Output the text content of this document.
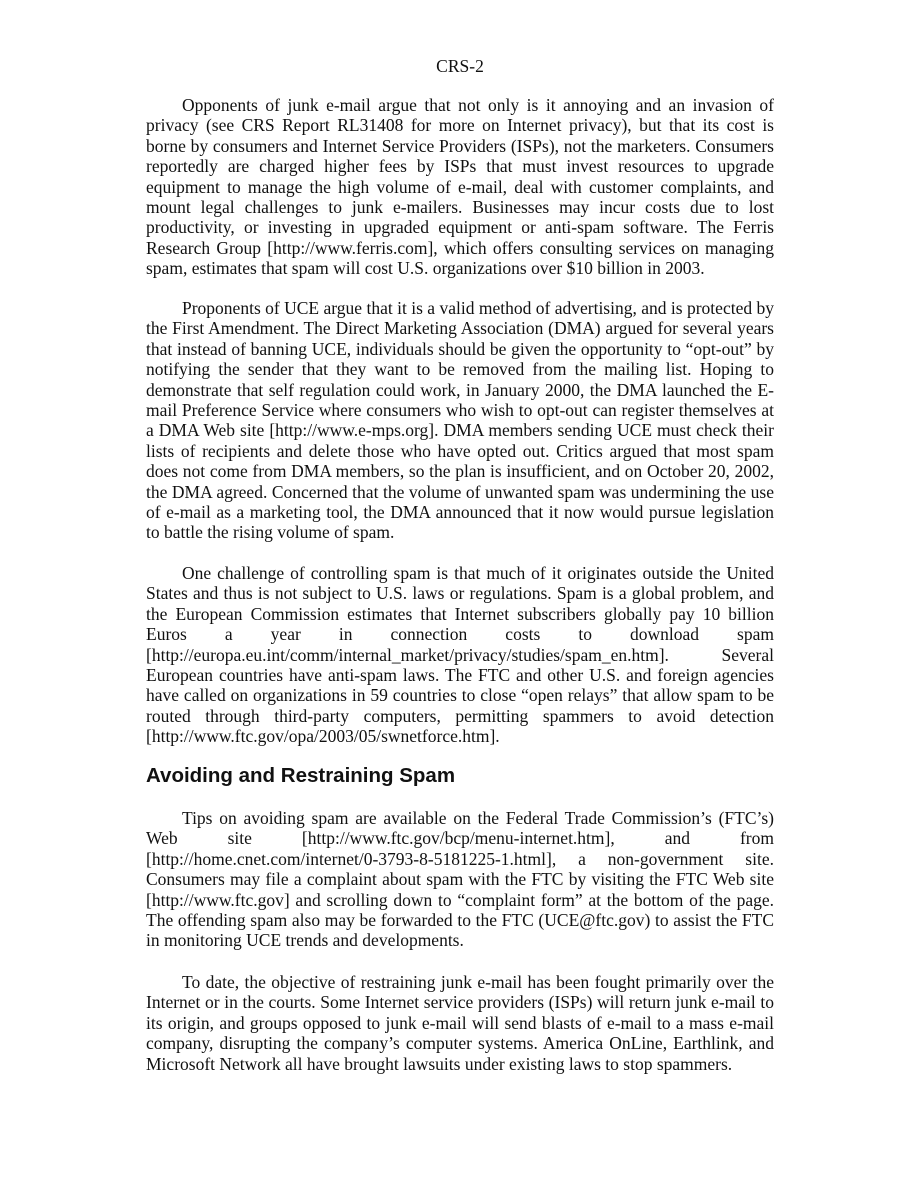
CRS-2

Opponents of junk e-mail argue that not only is it annoying and an invasion of privacy (see CRS Report RL31408 for more on Internet privacy), but that its cost is borne by consumers and Internet Service Providers (ISPs), not the marketers. Consumers reportedly are charged higher fees by ISPs that must invest resources to upgrade equipment to manage the high volume of e-mail, deal with customer complaints, and mount legal challenges to junk e-mailers. Businesses may incur costs due to lost productivity, or investing in upgraded equipment or anti-spam software. The Ferris Research Group [http://www.ferris.com], which offers consulting services on managing spam, estimates that spam will cost U.S. organizations over $10 billion in 2003.

Proponents of UCE argue that it is a valid method of advertising, and is protected by the First Amendment. The Direct Marketing Association (DMA) argued for several years that instead of banning UCE, individuals should be given the opportunity to “opt-out” by notifying the sender that they want to be removed from the mailing list. Hoping to demonstrate that self regulation could work, in January 2000, the DMA launched the E-mail Preference Service where consumers who wish to opt-out can register themselves at a DMA Web site [http://www.e-mps.org]. DMA members sending UCE must check their lists of recipients and delete those who have opted out. Critics argued that most spam does not come from DMA members, so the plan is insufficient, and on October 20, 2002, the DMA agreed. Concerned that the volume of unwanted spam was undermining the use of e-mail as a marketing tool, the DMA announced that it now would pursue legislation to battle the rising volume of spam.

One challenge of controlling spam is that much of it originates outside the United States and thus is not subject to U.S. laws or regulations. Spam is a global problem, and the European Commission estimates that Internet subscribers globally pay 10 billion Euros a year in connection costs to download spam [http://europa.eu.int/comm/internal_market/privacy/studies/spam_en.htm]. Several European countries have anti-spam laws. The FTC and other U.S. and foreign agencies have called on organizations in 59 countries to close “open relays” that allow spam to be routed through third-party computers, permitting spammers to avoid detection [http://www.ftc.gov/opa/2003/05/swnetforce.htm].

Avoiding and Restraining Spam

Tips on avoiding spam are available on the Federal Trade Commission’s (FTC’s) Web site [http://www.ftc.gov/bcp/menu-internet.htm], and from [http://home.cnet.com/internet/0-3793-8-5181225-1.html], a non-government site. Consumers may file a complaint about spam with the FTC by visiting the FTC Web site [http://www.ftc.gov] and scrolling down to “complaint form” at the bottom of the page. The offending spam also may be forwarded to the FTC (UCE@ftc.gov) to assist the FTC in monitoring UCE trends and developments.

To date, the objective of restraining junk e-mail has been fought primarily over the Internet or in the courts. Some Internet service providers (ISPs) will return junk e-mail to its origin, and groups opposed to junk e-mail will send blasts of e-mail to a mass e-mail company, disrupting the company’s computer systems. America OnLine, Earthlink, and Microsoft Network all have brought lawsuits under existing laws to stop spammers.
